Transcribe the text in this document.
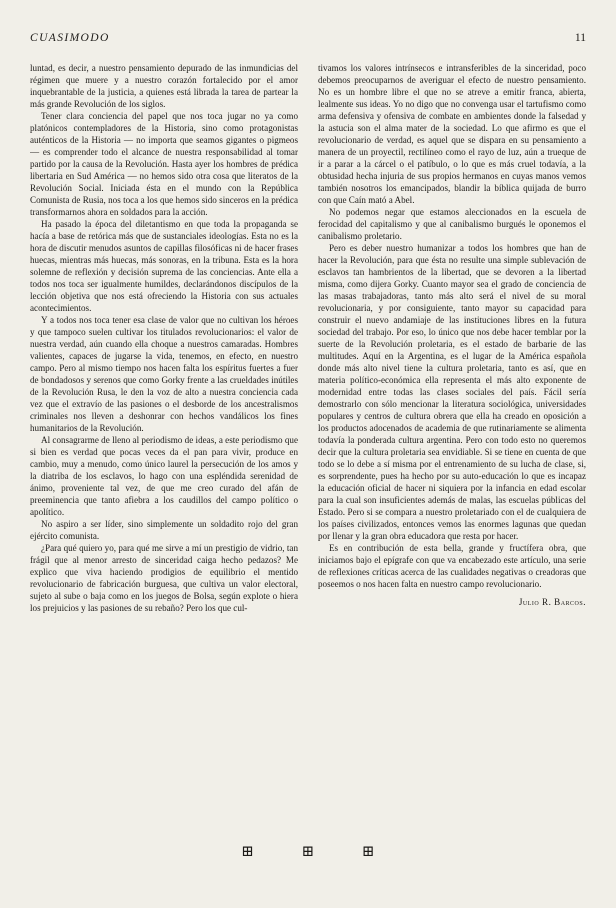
CUASIMODO	11

luntad, es decir, a nuestro pensamiento depurado de las inmundicias del régimen que muere y a nuestro corazón fortalecido por el amor inquebrantable de la justicia, a quienes está librada la tarea de partear la más grande Revolución de los siglos.

Tener clara conciencia del papel que nos toca jugar no ya como platónicos contempladores de la Historia, sino como protagonistas auténticos de la Historia — no importa que seamos gigantes o pigmeos — es comprender todo el alcance de nuestra responsabilidad al tomar partido por la causa de la Revolución. Hasta ayer los hombres de prédica libertaria en Sud América — no hemos sido otra cosa que literatos de la Revolución Social. Iniciada ésta en el mundo con la República Comunista de Rusia, nos toca a los que hemos sido sinceros en la prédica transformarnos ahora en soldados para la acción.

Ha pasado la época del diletantismo en que toda la propaganda se hacía a base de retórica más que de sustanciales ideologías. Esta no es la hora de discutir menudos asuntos de capillas filosóficas ni de hacer frases huecas, mientras más huecas, más sonoras, en la tribuna. Esta es la hora solemne de reflexión y decisión suprema de las conciencias. Ante ella a todos nos toca ser igualmente humildes, declarándonos discípulos de la lección objetiva que nos está ofreciendo la Historia con sus actuales acontecimientos.

Y a todos nos toca tener esa clase de valor que no cultivan los héroes y que tampoco suelen cultivar los titulados revolucionarios: el valor de nuestra verdad, aún cuando ella choque a nuestros camaradas. Hombres valientes, capaces de jugarse la vida, tenemos, en efecto, en nuestro campo. Pero al mismo tiempo nos hacen falta los espíritus fuertes a fuer de bondadosos y serenos que como Gorky frente a las crueldades inútiles de la Revolución Rusa, le den la voz de alto a nuestra conciencia cada vez que el extravío de las pasiones o el desborde de los ancestralismos criminales nos lleven a deshonrar con hechos vandálicos los fines humanitarios de la Revolución.

Al consagrarme de lleno al periodismo de ideas, a este periodismo que si bien es verdad que pocas veces da el pan para vivir, produce en cambio, muy a menudo, como único laurel la persecución de los amos y la diatriba de los esclavos, lo hago con una espléndida serenidad de ánimo, proveniente tal vez, de que me creo curado del afán de preeminencia que tanto afiebra a los caudillos del campo político o apolítico.

No aspiro a ser líder, sino simplemente un soldadito rojo del gran ejército comunista.

¿Para qué quiero yo, para qué me sirve a mí un prestigio de vidrio, tan frágil que al menor arresto de sinceridad caiga hecho pedazos? Me explico que viva haciendo prodigios de equilibrio el mentido revolucionario de fabricación burguesa, que cultiva un valor electoral, sujeto al sube o baja como en los juegos de Bolsa, según explote o hiera los prejuicios y las pasiones de su rebaño? Pero los que cul-

tivamos los valores intrínsecos e intransferibles de la sinceridad, poco debemos preocuparnos de averiguar el efecto de nuestro pensamiento. No es un hombre libre el que no se atreve a emitir franca, abierta, lealmente sus ideas. Yo no digo que no convenga usar el tartufismo como arma defensiva y ofensiva de combate en ambientes donde la falsedad y la astucia son el alma mater de la sociedad. Lo que afirmo es que el revolucionario de verdad, es aquel que se dispara en su pensamiento a manera de un proyectil, rectilíneo como el rayo de luz, aún a trueque de ir a parar a la cárcel o el patíbulo, o lo que es más cruel todavía, a la obtusidad hecha injuria de sus propios hermanos en cuyas manos vemos también nosotros los emancipados, blandir la bíblica quijada de burro con que Caín mató a Abel.

No podemos negar que estamos aleccionados en la escuela de ferocidad del capitalismo y que al canibalismo burgués le oponemos el canibalismo proletario.

Pero es deber nuestro humanizar a todos los hombres que han de hacer la Revolución, para que ésta no resulte una simple sublevación de esclavos tan hambrientos de la libertad, que se devoren a la libertad misma, como dijera Gorky. Cuanto mayor sea el grado de conciencia de las masas trabajadoras, tanto más alto será el nivel de su moral revolucionaria, y por consiguiente, tanto mayor su capacidad para construir el nuevo andamiaje de las instituciones libres en la futura sociedad del trabajo. Por eso, lo único que nos debe hacer temblar por la suerte de la Revolución proletaria, es el estado de barbarie de las multitudes. Aquí en la Argentina, es el lugar de la América española donde más alto nivel tiene la cultura proletaria, tanto es así, que en materia político-económica ella representa el más alto exponente de modernidad entre todas las clases sociales del país. Fácil sería demostrarlo con sólo mencionar la literatura sociológica, universidades populares y centros de cultura obrera que ella ha creado en oposición a los productos adocenados de academia de que rutinariamente se alimenta todavía la ponderada cultura argentina. Pero con todo esto no queremos decir que la cultura proletaria sea envidiable. Si se tiene en cuenta de que todo se lo debe a sí misma por el entrenamiento de su lucha de clase, si, es sorprendente, pues ha hecho por su auto-educación lo que es incapaz la educación oficial de hacer ni siquiera por la infancia en edad escolar para la cual son insuficientes además de malas, las escuelas públicas del Estado. Pero si se compara a nuestro proletariado con el de cualquiera de los países civilizados, entonces vemos las enormes lagunas que quedan por llenar y la gran obra educadora que resta por hacer.

Es en contribución de esta bella, grande y fructífera obra, que iniciamos bajo el epígrafe con que va encabezado este artículo, una serie de reflexiones críticas acerca de las cualidades negativas o creadoras que poseemos o nos hacen falta en nuestro campo revolucionario.

Julio R. Barcos.

⊞	⊞	⊞
